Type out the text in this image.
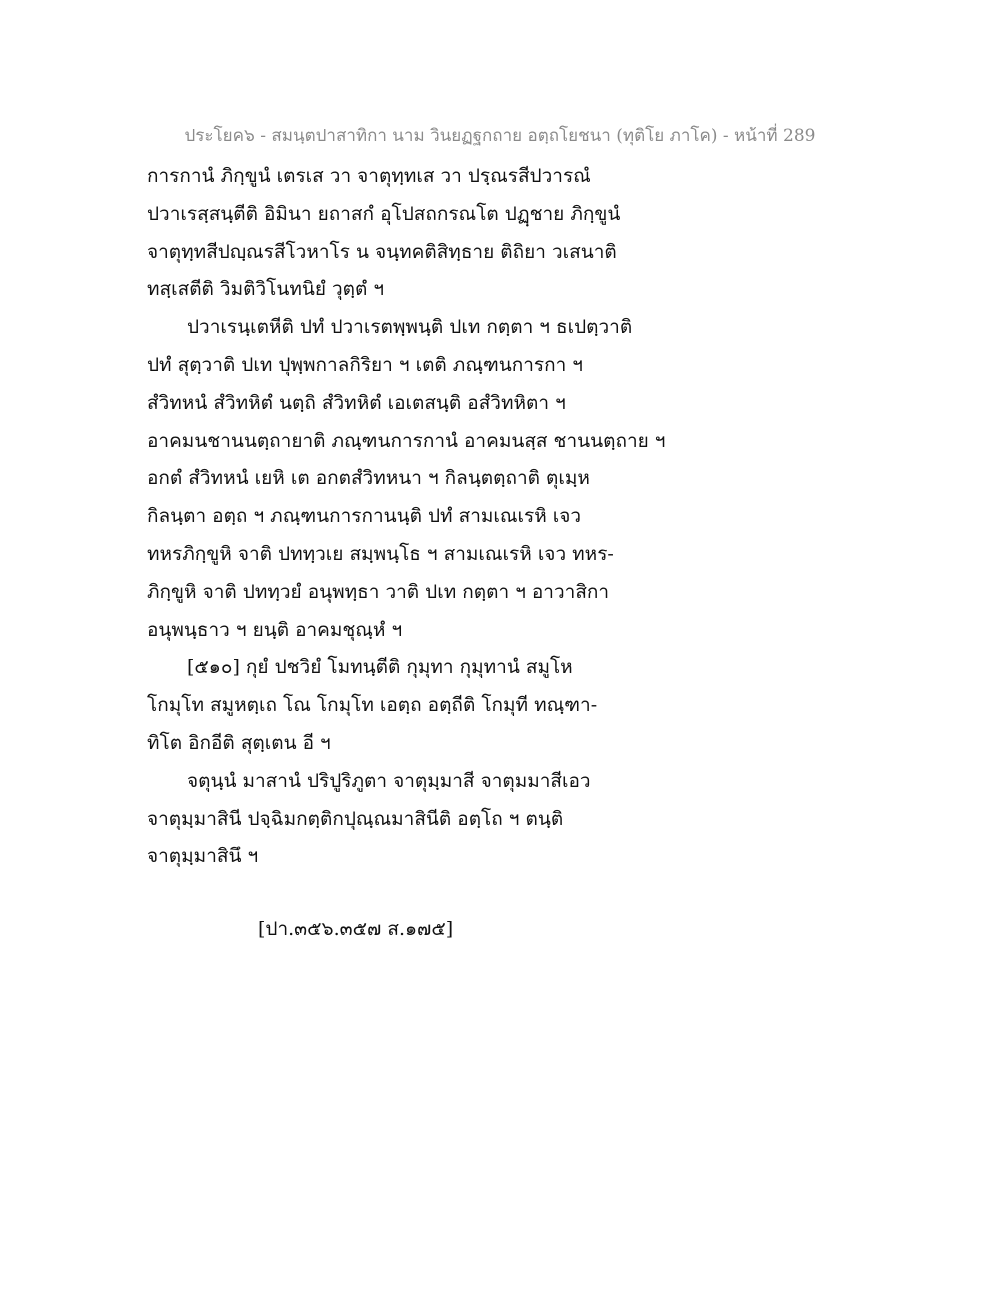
ประโยค๖ - สมนฺตปาสาทิกา นาม วินยฏฐกถาย อตฺถโยชนา (ทุติโย ภาโค) - หน้าที่ 289
การกานํ ภิกฺขูนํ เตรเส วา จาตุทฺทเส วา ปรฺณรสีปวารณํ
ปวาเรสฺสนฺตีติ อิมินา ยถาสกํ อุโปสถกรณโต ปฏฺชาย ภิกฺขูนํ
จาตุทฺทสีปญฺณรสีโวหาโร น จนฺทคติสิทฺธาย ติถิยา วเสนาติ
ทสฺเสตีติ วิมติวิโนทนิยํ วุตฺตํ ฯ
ปวาเรนฺเตหีติ ปทํ ปวาเรตพฺพนฺติ ปเท กตฺตา ฯ ธเปตฺวาติ
ปทํ สุตฺวาติ ปเท ปุพฺพกาลกิริยา ฯ เตติ ภณฺฑนการกา ฯ
สํวิทหนํ สํวิทหิตํ นตฺถิ สํวิทหิตํ เอเตสนฺติ อสํวิทหิตา ฯ
อาคมนชานนตฺถายาติ ภณฺฑนการกานํ อาคมนสฺส ชานนตฺถาย ฯ
อกตํ สํวิทหนํ เยหิ เต อกตสํวิทหนา ฯ กิลนฺตตฺถาติ ตุเมฺห
กิลนฺตา อตฺถ ฯ ภณฺฑนการกานนฺติ ปทํ สามเณเรหิ เจว
ทหรภิกฺขูหิ จาติ ปททฺวเย สมฺพนฺโธ ฯ สามเณเรหิ เจว ทหร-
ภิกฺขูหิ จาติ ปททฺวยํ อนุพทฺธา วาติ ปเท กตฺตา ฯ อาวาสิกา
อนุพนฺธาว ฯ ยนฺติ อาคมชุณฺหํ ฯ
[๕๑๐] กุยํ ปชวิยํ โมทนฺตีติ กุมุทา กุมุทานํ สมูโห
โกมุโท สมูหตฺเถ โณ โกมุโท เอตฺถ อตฺถีติ โกมุที ทณฺฑา-
ทิโต อิกอีติ สุตฺเตน อี ฯ
จตุนฺนํ มาสานํ ปริปูริภูตา จาตุมฺมาสี จาตุมมาสีเอว
จาตุมฺมาสินี ปจฺฉิมกตฺติกปุณฺณมาสินีติ อตฺโถ ฯ ตนฺติ
จาตุมฺมาสินึ ฯ
[ปา.๓๕๖.๓๕๗ ส.๑๗๕]
